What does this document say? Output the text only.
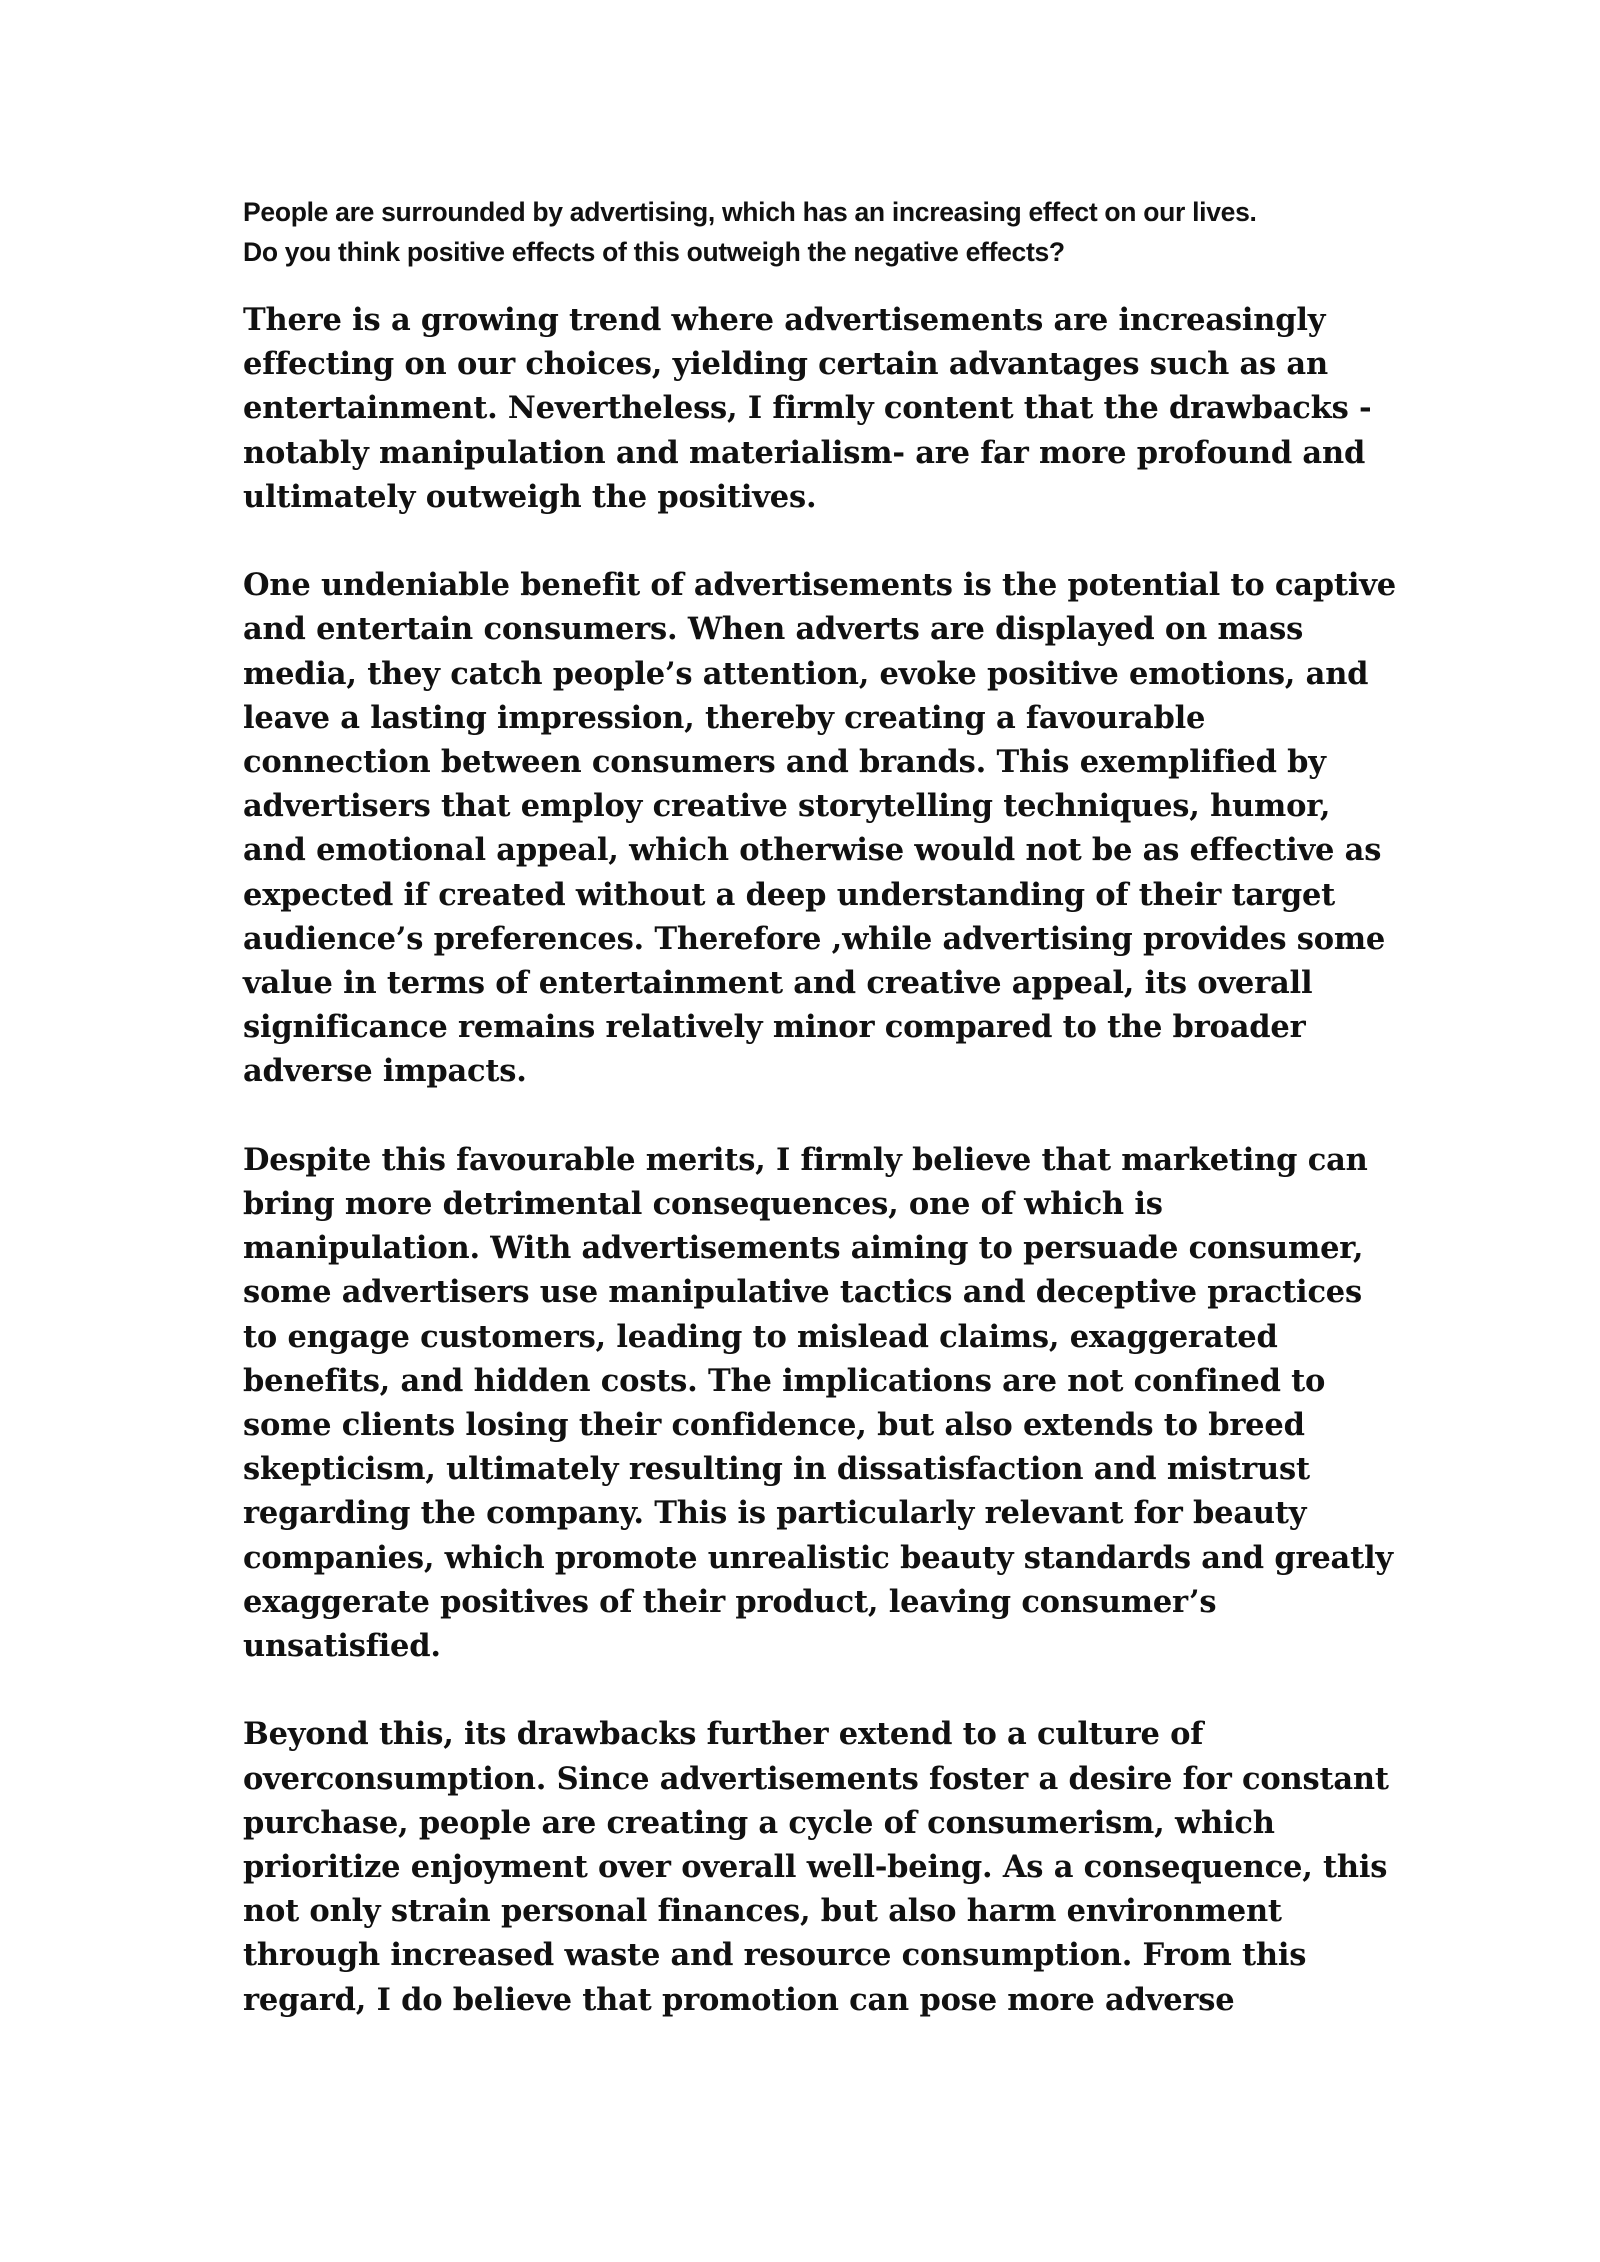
People are surrounded by advertising, which has an increasing effect on our lives.
Do you think positive effects of this outweigh the negative effects?
There is a growing trend where advertisements are increasingly
effecting on our choices, yielding certain advantages such as an
entertainment. Nevertheless, I firmly content that the drawbacks -
notably manipulation and materialism- are far more profound and
ultimately outweigh the positives.
One undeniable benefit of advertisements is the potential to captive
and entertain consumers. When adverts are displayed on mass
media, they catch people’s attention, evoke positive emotions, and
leave a lasting impression, thereby creating a favourable
connection between consumers and brands. This exemplified by
advertisers that employ creative storytelling techniques, humor,
and emotional appeal, which otherwise would not be as effective as
expected if created without a deep understanding of their target
audience’s preferences. Therefore ,while advertising provides some
value in terms of entertainment and creative appeal, its overall
significance remains relatively minor compared to the broader
adverse impacts.
Despite this favourable merits, I firmly believe that marketing can
bring more detrimental consequences, one of which is
manipulation. With advertisements aiming to persuade consumer,
some advertisers use manipulative tactics and deceptive practices
to engage customers, leading to mislead claims, exaggerated
benefits, and hidden costs. The implications are not confined to
some clients losing their confidence, but also extends to breed
skepticism, ultimately resulting in dissatisfaction and mistrust
regarding the company. This is particularly relevant for beauty
companies, which promote unrealistic beauty standards and greatly
exaggerate positives of their product, leaving consumer’s
unsatisfied.
Beyond this, its drawbacks further extend to a culture of
overconsumption. Since advertisements foster a desire for constant
purchase, people are creating a cycle of consumerism, which
prioritize enjoyment over overall well-being. As a consequence, this
not only strain personal finances, but also harm environment
through increased waste and resource consumption. From this
regard, I do believe that promotion can pose more adverse
